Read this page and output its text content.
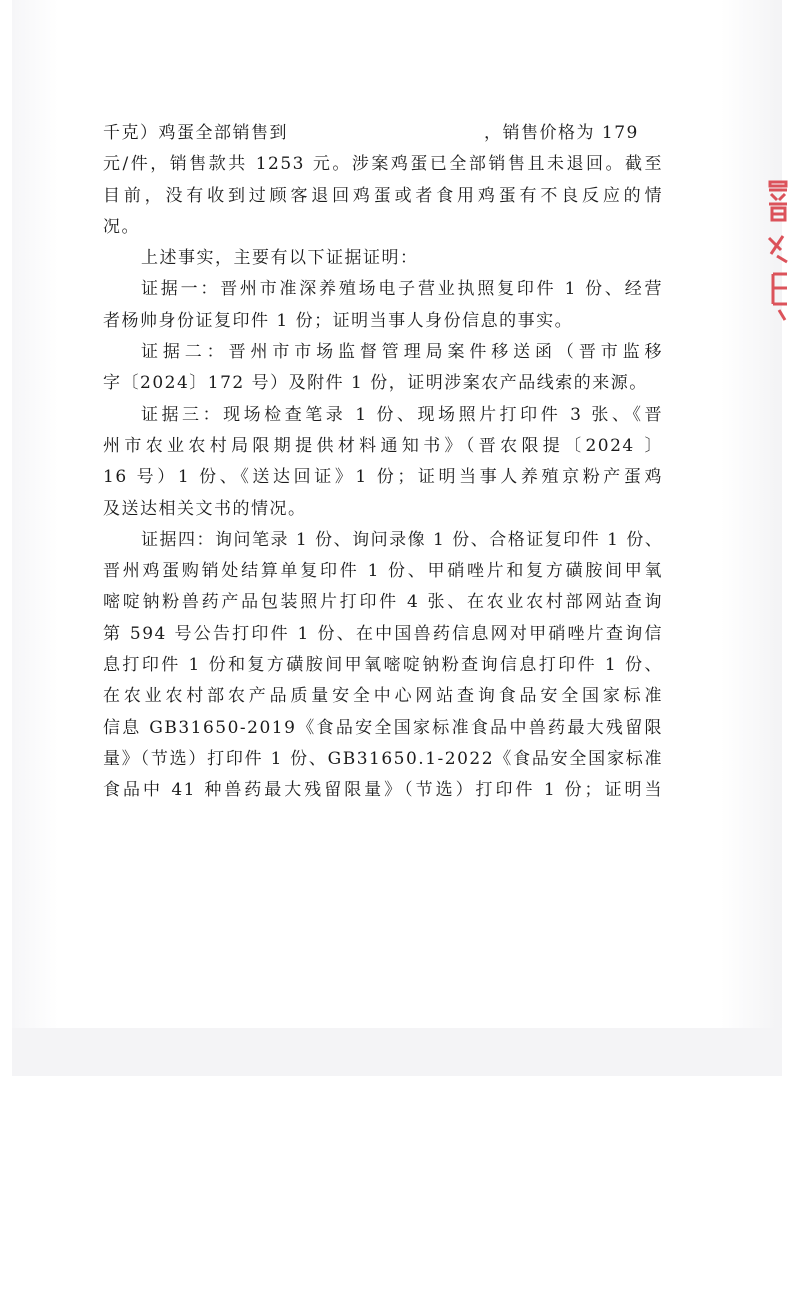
千克）鸡蛋全部销售到	，销售价格为 179
元/件，销售款共 1253 元。涉案鸡蛋已全部销售且未退回。截至
目前，没有收到过顾客退回鸡蛋或者食用鸡蛋有不良反应的情
况。
上述事实，主要有以下证据证明：
证据一：晋州市准深养殖场电子营业执照复印件 1 份、经营
者杨帅身份证复印件 1 份；证明当事人身份信息的事实。
证据二：晋州市市场监督管理局案件移送函（晋市监移
字〔2024〕172 号）及附件 1 份，证明涉案农产品线索的来源。
证据三：现场检查笔录 1 份、现场照片打印件 3 张、《晋
州市农业农村局限期提供材料通知书》（晋农限提〔2024 〕
16 号）1 份、《送达回证》1 份；证明当事人养殖京粉产蛋鸡
及送达相关文书的情况。
证据四：询问笔录 1 份、询问录像 1 份、合格证复印件 1 份、
晋州鸡蛋购销处结算单复印件 1 份、甲硝唑片和复方磺胺间甲氧
嘧啶钠粉兽药产品包装照片打印件 4 张、在农业农村部网站查询
第 594 号公告打印件 1 份、在中国兽药信息网对甲硝唑片查询信
息打印件 1 份和复方磺胺间甲氧嘧啶钠粉查询信息打印件 1 份、
在农业农村部农产品质量安全中心网站查询食品安全国家标准
信息 GB31650-2019《食品安全国家标准食品中兽药最大残留限
量》（节选）打印件 1 份、GB31650.1-2022《食品安全国家标准
食品中 41 种兽药最大残留限量》（节选）打印件 1 份；证明当
